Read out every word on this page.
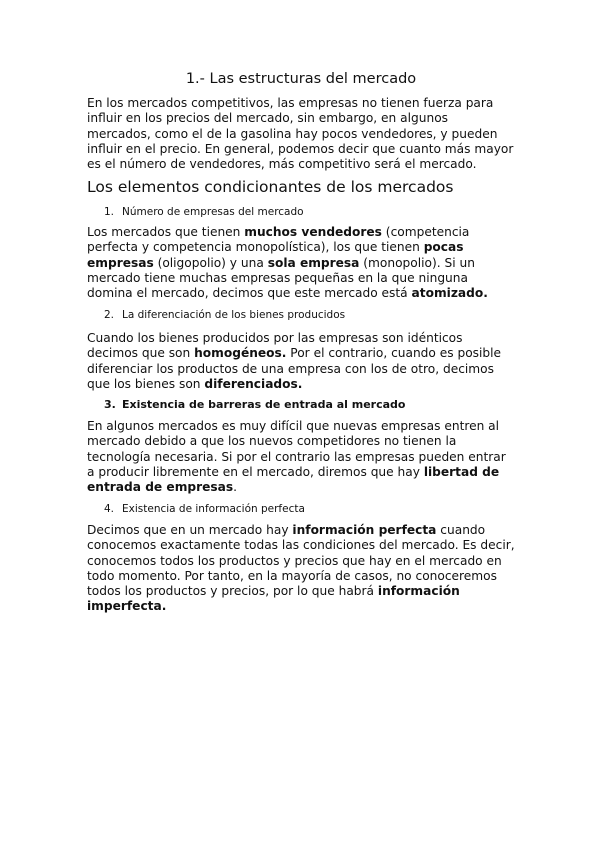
1.- Las estructuras del mercado

En los mercados competitivos, las empresas no tienen fuerza para influir en los precios del mercado, sin embargo, en algunos mercados, como el de la gasolina hay pocos vendedores, y pueden influir en el precio. En general, podemos decir que cuanto más mayor es el número de vendedores, más competitivo será el mercado.

Los elementos condicionantes de los mercados

1. Número de empresas del mercado

Los mercados que tienen muchos vendedores (competencia perfecta y competencia monopolística), los que tienen pocas empresas (oligopolio) y una sola empresa (monopolio). Si un mercado tiene muchas empresas pequeñas en la que ninguna domina el mercado, decimos que este mercado está atomizado.

2. La diferenciación de los bienes producidos

Cuando los bienes producidos por las empresas son idénticos decimos que son homogéneos. Por el contrario, cuando es posible diferenciar los productos de una empresa con los de otro, decimos que los bienes son diferenciados.

3. Existencia de barreras de entrada al mercado

En algunos mercados es muy difícil que nuevas empresas entren al mercado debido a que los nuevos competidores no tienen la tecnología necesaria. Si por el contrario las empresas pueden entrar a producir libremente en el mercado, diremos que hay libertad de entrada de empresas.

4. Existencia de información perfecta

Decimos que en un mercado hay información perfecta cuando conocemos exactamente todas las condiciones del mercado. Es decir, conocemos todos los productos y precios que hay en el mercado en todo momento. Por tanto, en la mayoría de casos, no conoceremos todos los productos y precios, por lo que habrá información imperfecta.
